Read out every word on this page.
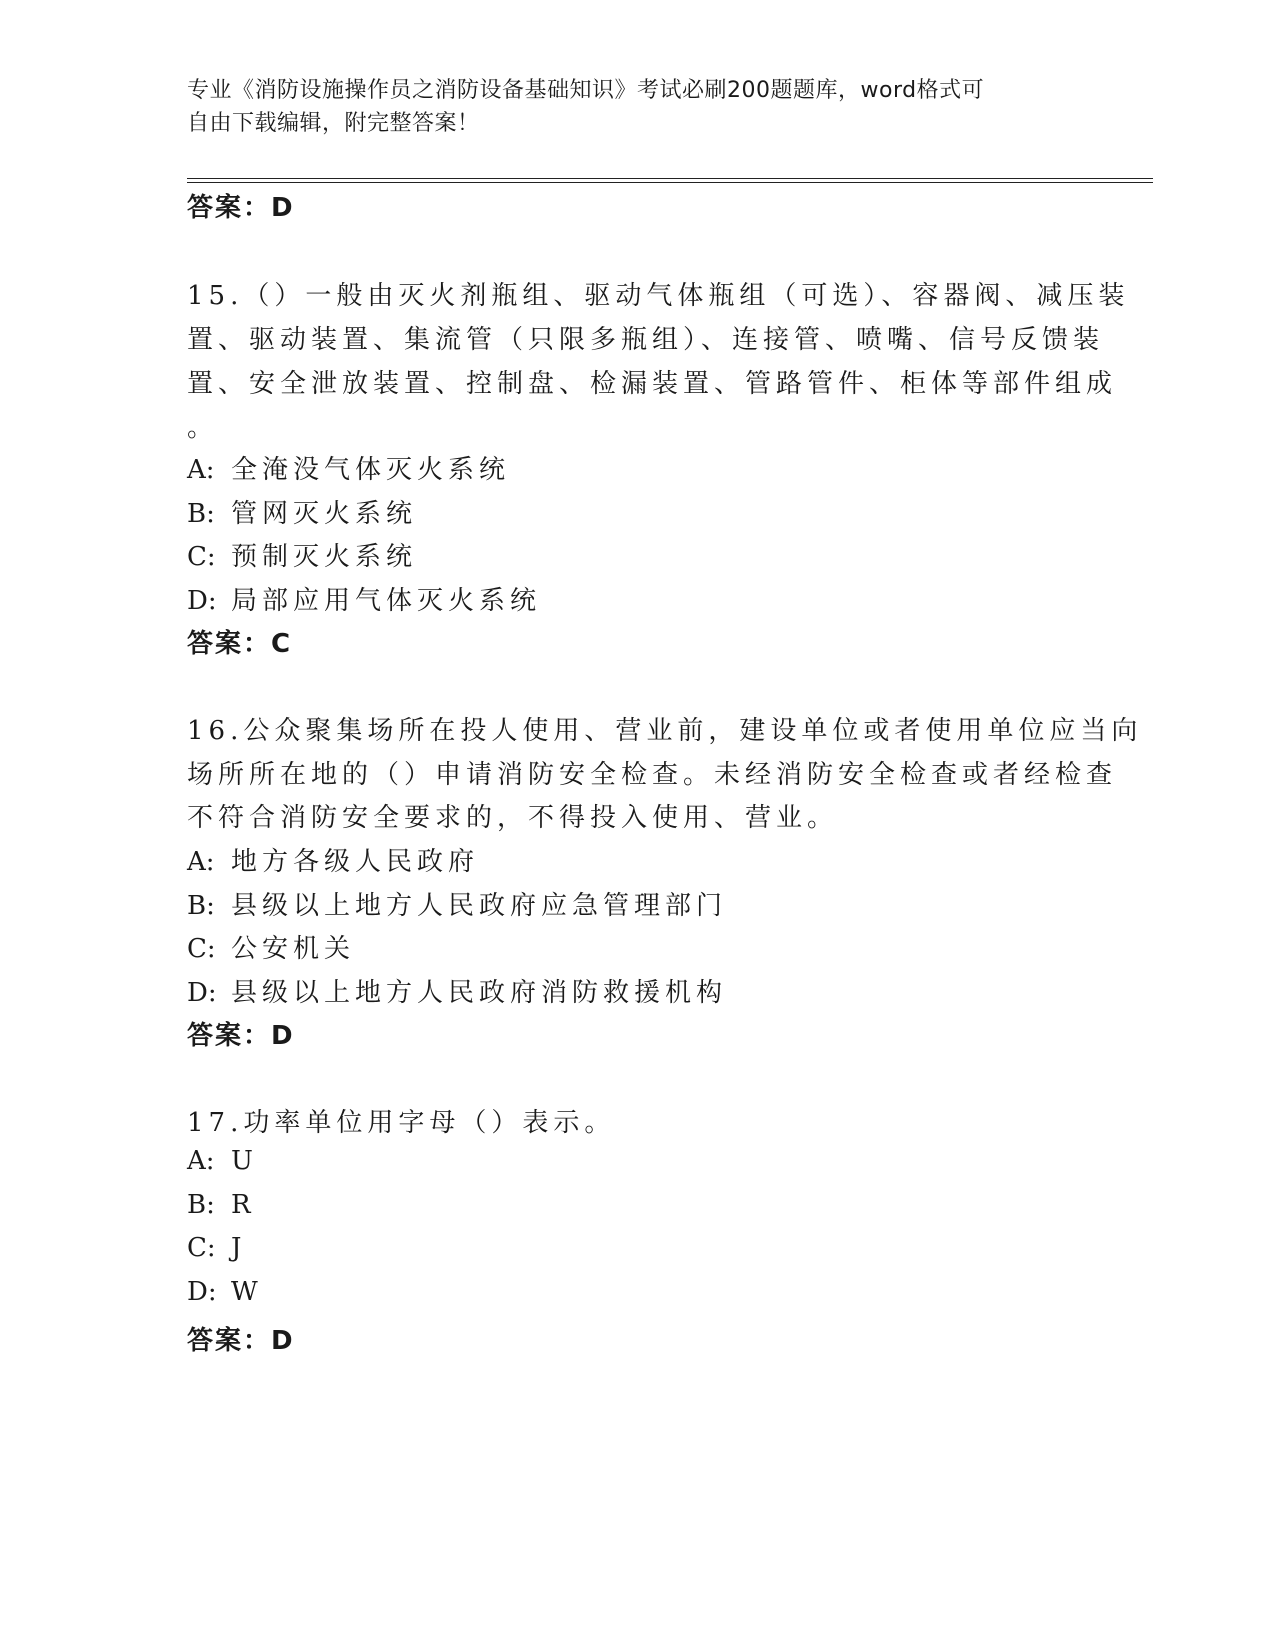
专业《消防设施操作员之消防设备基础知识》考试必刷200题题库，word格式可
自由下载编辑，附完整答案！
答案：D
15.（）一般由灭火剂瓶组、驱动气体瓶组（可选）、容器阀、减压装
置、驱动装置、集流管（只限多瓶组）、连接管、喷嘴、信号反馈装
置、安全泄放装置、控制盘、检漏装置、管路管件、柜体等部件组成
。
A: 全淹没气体灭火系统
B: 管网灭火系统
C: 预制灭火系统
D: 局部应用气体灭火系统
答案：C
16.公众聚集场所在投人使用、营业前，建设单位或者使用单位应当向
场所所在地的（）申请消防安全检查。未经消防安全检查或者经检查
不符合消防安全要求的，不得投入使用、营业。
A: 地方各级人民政府
B: 县级以上地方人民政府应急管理部门
C: 公安机关
D: 县级以上地方人民政府消防救援机构
答案：D
17.功率单位用字母（）表示。
A: U
B: R
C: J
D: W
答案：D
